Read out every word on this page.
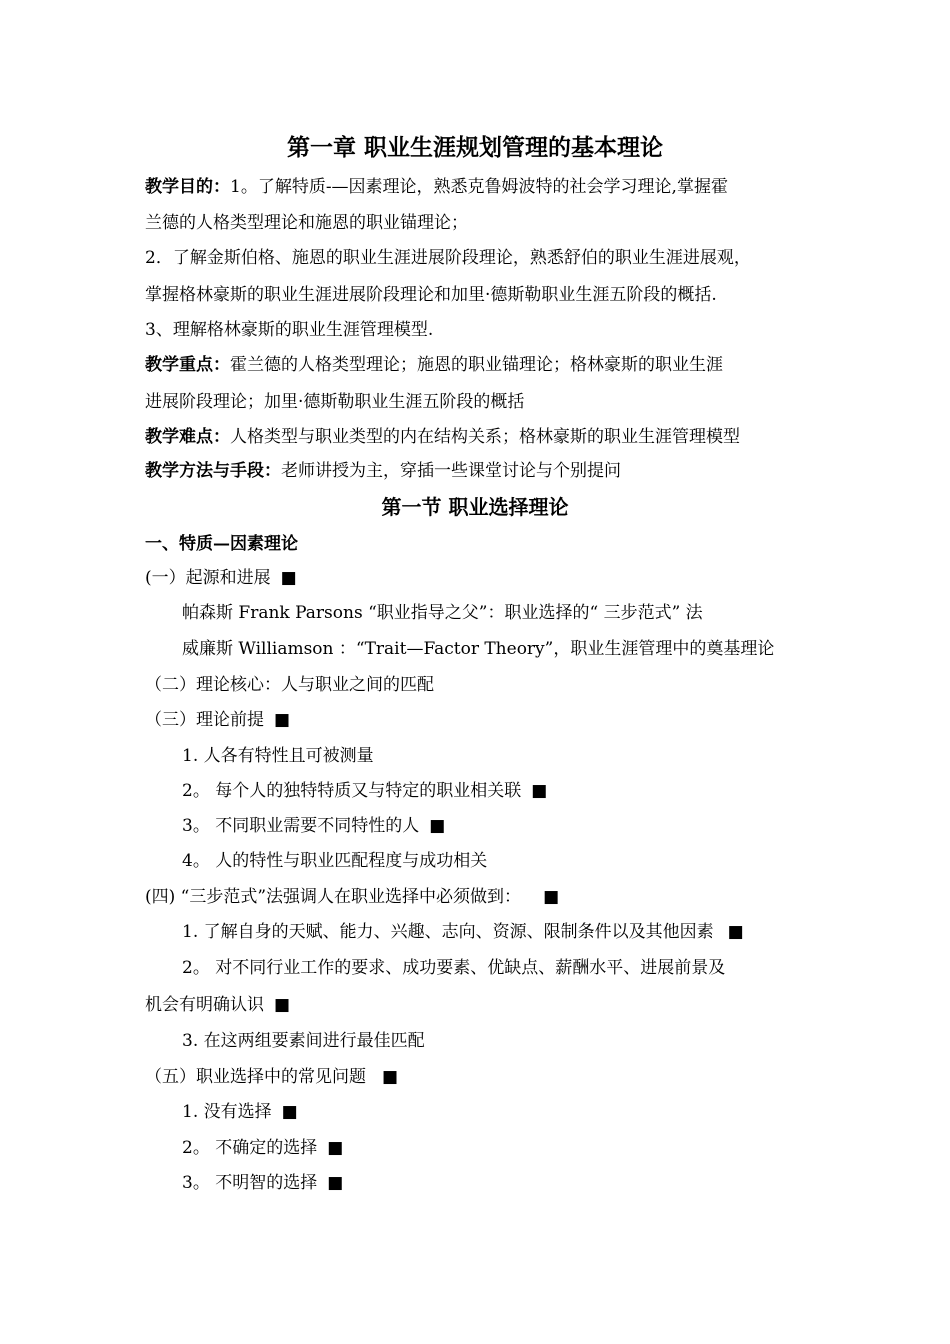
第一章 职业生涯规划管理的基本理论
教学目的：1。了解特质-—因素理论，熟悉克鲁姆波特的社会学习理论,掌握霍
兰德的人格类型理论和施恩的职业锚理论；
2．了解金斯伯格、施恩的职业生涯进展阶段理论，熟悉舒伯的职业生涯进展观，
掌握格林豪斯的职业生涯进展阶段理论和加里·德斯勒职业生涯五阶段的概括.
3、理解格林豪斯的职业生涯管理模型.
教学重点：霍兰德的人格类型理论；施恩的职业锚理论；格林豪斯的职业生涯
进展阶段理论；加里·德斯勒职业生涯五阶段的概括
教学难点：人格类型与职业类型的内在结构关系；格林豪斯的职业生涯管理模型
教学方法与手段：老师讲授为主，穿插一些课堂讨论与个别提问
第一节 职业选择理论
一、特质—因素理论
(一）起源和进展 ■
帕森斯 Frank Parsons “职业指导之父”：职业选择的“ 三步范式” 法
威廉斯 Williamson ：“Trait—Factor Theory”，职业生涯管理中的奠基理论
（二）理论核心：人与职业之间的匹配
（三）理论前提 ■
1. 人各有特性且可被测量
2。 每个人的独特特质又与特定的职业相关联 ■
3。 不同职业需要不同特性的人 ■
4。 人的特性与职业匹配程度与成功相关
(四) “三步范式”法强调人在职业选择中必须做到： ■
1. 了解自身的天赋、能力、兴趣、志向、资源、限制条件以及其他因素 ■
2。 对不同行业工作的要求、成功要素、优缺点、薪酬水平、进展前景及
机会有明确认识 ■
3. 在这两组要素间进行最佳匹配
（五）职业选择中的常见问题 ■
1. 没有选择 ■
2。 不确定的选择 ■
3。 不明智的选择 ■
